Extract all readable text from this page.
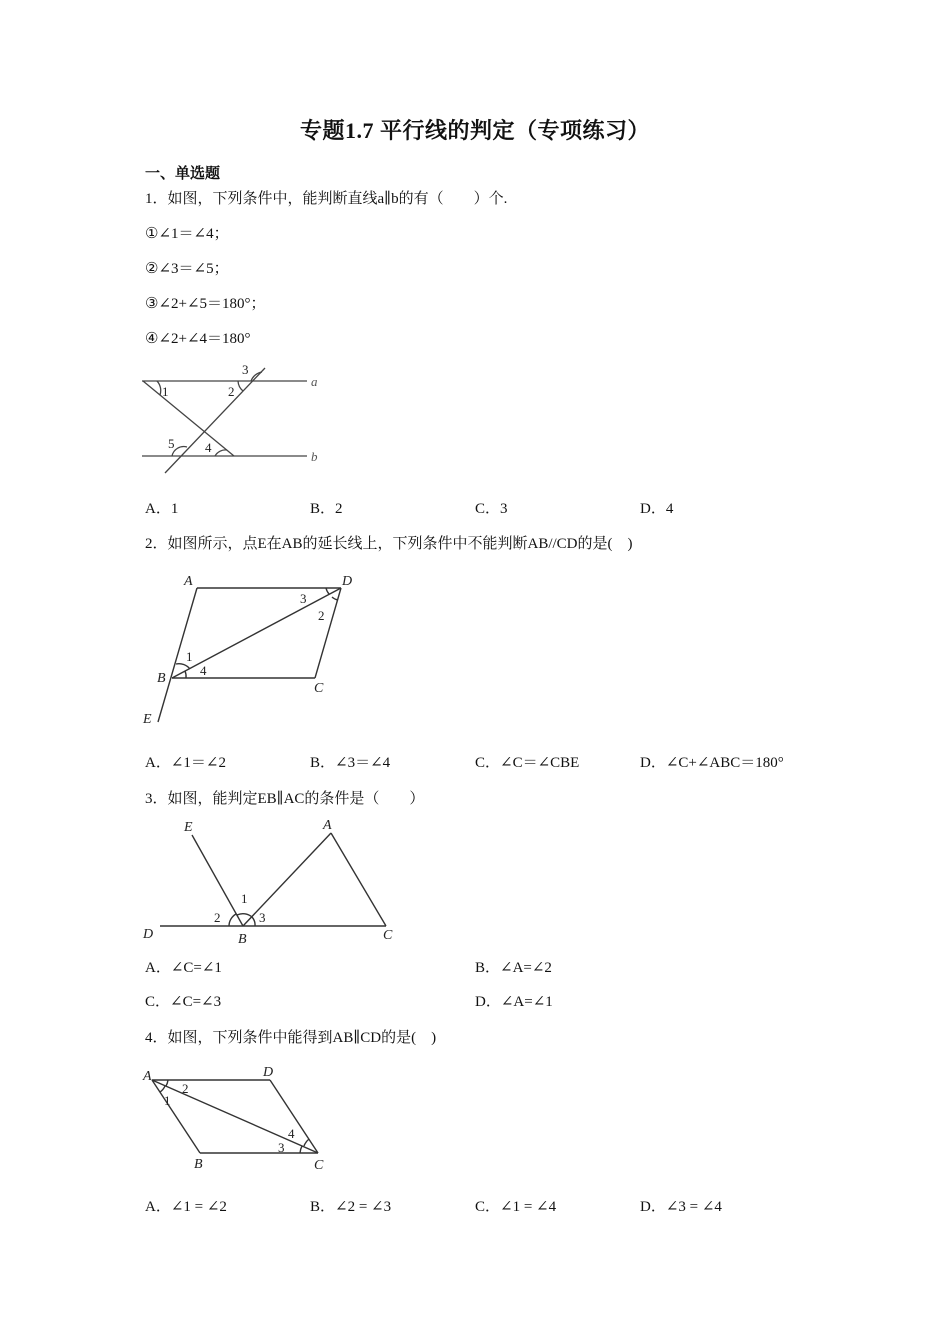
专题1.7 平行线的判定（专项练习）
一、单选题
1．如图，下列条件中，能判断直线a∥b的有（　　）个.
①∠1＝∠4；
②∠3＝∠5；
③∠2+∠5＝180°；
④∠2+∠4＝180°
1	2
3
4
5
a
b
A．1	B．2	C．3	D．4
2．如图所示，点E在AB的延长线上，下列条件中不能判断AB//CD的是(　)
A	D
B
C
E
1
4
3
2
A．∠1＝∠2	B．∠3＝∠4	C．∠C＝∠CBE	D．∠C+∠ABC＝180°
3．如图，能判定EB∥AC的条件是（　　）
E	A
D	B	C
1
2	3
A．∠C=∠1	B．∠A=∠2
C．∠C=∠3	D．∠A=∠1
4．如图，下列条件中能得到AB∥CD的是(　)
A	D
B	C
2
1
4
3
A．∠1 = ∠2	B．∠2 = ∠3	C．∠1 = ∠4	D．∠3 = ∠4
